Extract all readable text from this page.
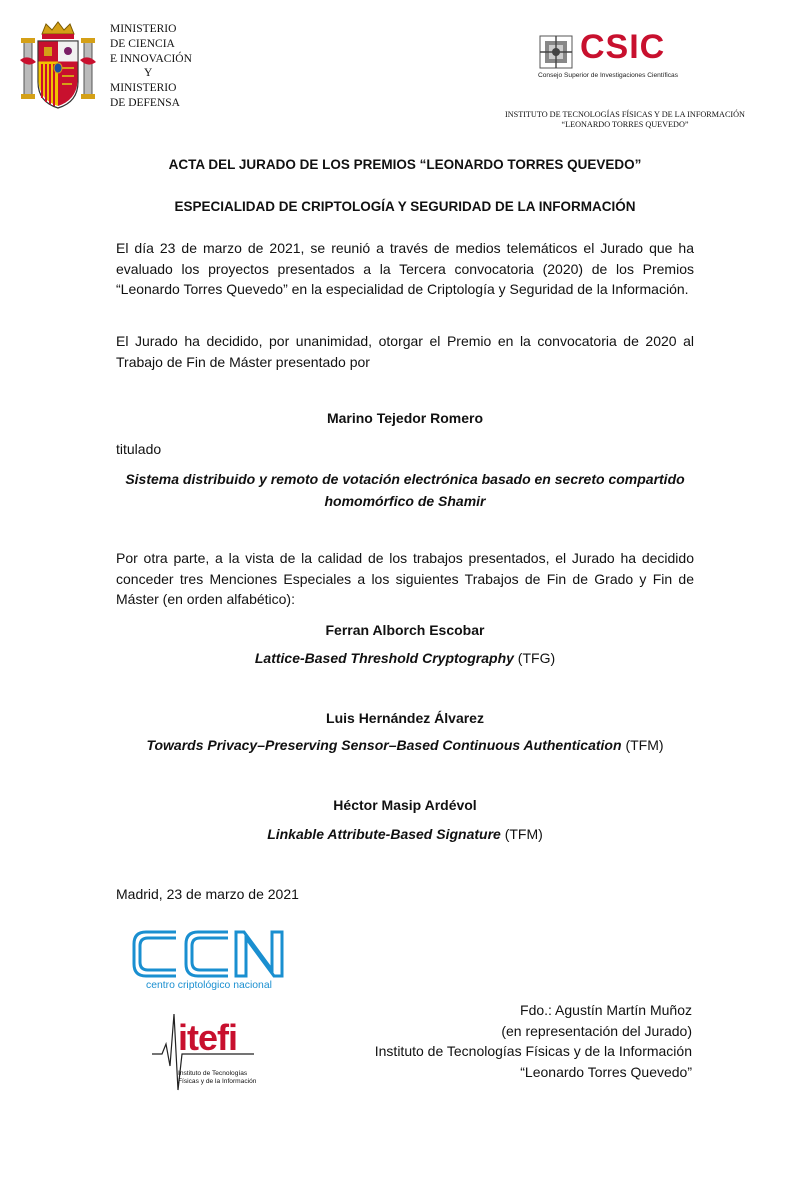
MINISTERIO
DE CIENCIA
E INNOVACIÓN
Y
MINISTERIO
DE DEFENSA
CSIC
Consejo Superior de Investigaciones Científicas
INSTITUTO DE TECNOLOGÍAS FÍSICAS Y DE LA INFORMACIÓN
“LEONARDO TORRES QUEVEDO”
ACTA DEL JURADO DE LOS PREMIOS “LEONARDO TORRES QUEVEDO”
ESPECIALIDAD DE CRIPTOLOGÍA Y SEGURIDAD DE LA INFORMACIÓN
El día 23 de marzo de 2021, se reunió a través de medios telemáticos el Jurado que ha evaluado los proyectos presentados a la Tercera convocatoria (2020) de los Premios “Leonardo Torres Quevedo” en la especialidad de Criptología y Seguridad de la Información.
El Jurado ha decidido, por unanimidad, otorgar el Premio en la convocatoria de 2020 al Trabajo de Fin de Máster presentado por
Marino Tejedor Romero
titulado
Sistema distribuido y remoto de votación electrónica basado en secreto compartido homomórfico de Shamir
Por otra parte, a la vista de la calidad de los trabajos presentados, el Jurado ha decidido conceder tres Menciones Especiales a los siguientes Trabajos de Fin de Grado y Fin de Máster (en orden alfabético):
Ferran Alborch Escobar
Lattice-Based Threshold Cryptography (TFG)
Luis Hernández Álvarez
Towards Privacy–Preserving Sensor–Based Continuous Authentication (TFM)
Héctor Masip Ardévol
Linkable Attribute-Based Signature (TFM)
Madrid, 23 de marzo de 2021
centro criptológico nacional
itefi
Instituto de Tecnologías
Físicas y de la Información
Fdo.: Agustín Martín Muñoz
(en representación del Jurado)
Instituto de Tecnologías Físicas y de la Información
“Leonardo Torres Quevedo”
